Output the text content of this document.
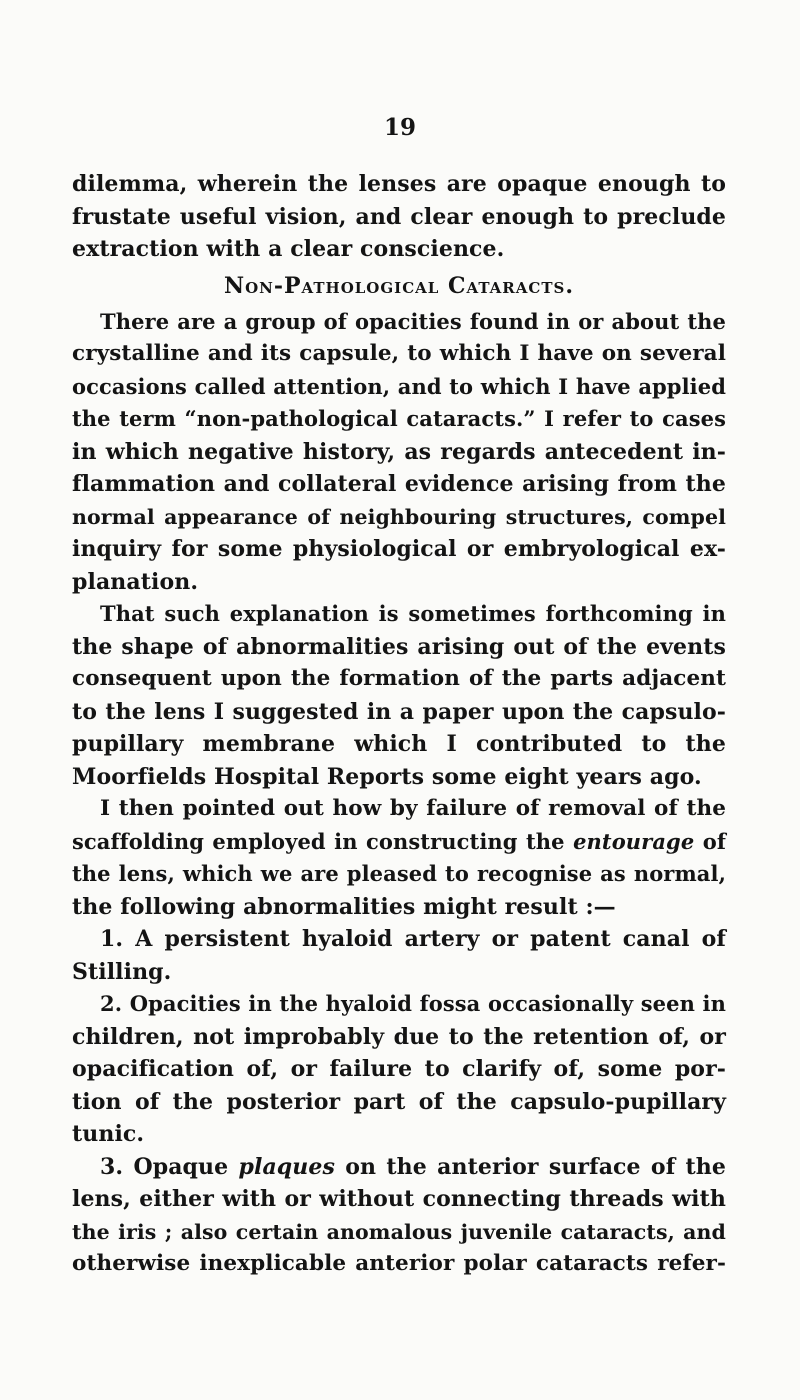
19
dilemma, wherein the lenses are opaque enough to
frustate useful vision, and clear enough to preclude
extraction with a clear conscience.
Non-Pathological Cataracts.
There are a group of opacities found in or about the
crystalline and its capsule, to which I have on several
occasions called attention, and to which I have applied
the term “non-pathological cataracts.” I refer to cases
in which negative history, as regards antecedent in-
flammation and collateral evidence arising from the
normal appearance of neighbouring structures, compel
inquiry for some physiological or embryological ex-
planation.
That such explanation is sometimes forthcoming in
the shape of abnormalities arising out of the events
consequent upon the formation of the parts adjacent
to the lens I suggested in a paper upon the capsulo-
pupillary membrane which I contributed to the
Moorfields Hospital Reports some eight years ago.
I then pointed out how by failure of removal of the
scaffolding employed in constructing the entourage of
the lens, which we are pleased to recognise as normal,
the following abnormalities might result :—
1. A persistent hyaloid artery or patent canal of
Stilling.
2. Opacities in the hyaloid fossa occasionally seen in
children, not improbably due to the retention of, or
opacification of, or failure to clarify of, some por-
tion of the posterior part of the capsulo-pupillary
tunic.
3. Opaque plaques on the anterior surface of the
lens, either with or without connecting threads with
the iris ; also certain anomalous juvenile cataracts, and
otherwise inexplicable anterior polar cataracts refer-
